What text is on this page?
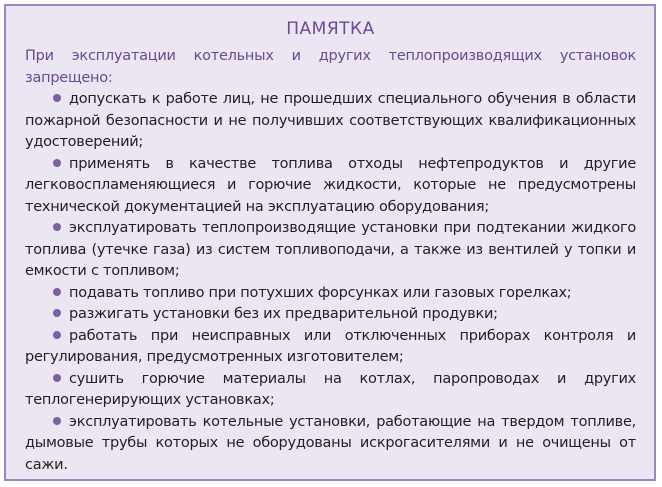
ПАМЯТКА

При эксплуатации котельных и других теплопроизводящих установок запрещено:

допускать к работе лиц, не прошедших специального обучения в области пожарной безопасности и не получивших соответствующих квалификационных удостоверений;
применять в качестве топлива отходы нефтепродуктов и другие легковоспламеняющиеся и горючие жидкости, которые не предусмотрены технической документацией на эксплуатацию оборудования;
эксплуатировать теплопроизводящие установки при подтекании жидкого топлива (утечке газа) из систем топливоподачи, а также из вентилей у топки и емкости с топливом;
подавать топливо при потухших форсунках или газовых горелках;
разжигать установки без их предварительной продувки;
работать при неисправных или отключенных приборах контроля и регулирования, предусмотренных изготовителем;
сушить горючие материалы на котлах, паропроводах и других теплогенерирующих установках;
эксплуатировать котельные установки, работающие на твердом топливе, дымовые трубы которых не оборудованы искрогасителями и не очищены от сажи.
